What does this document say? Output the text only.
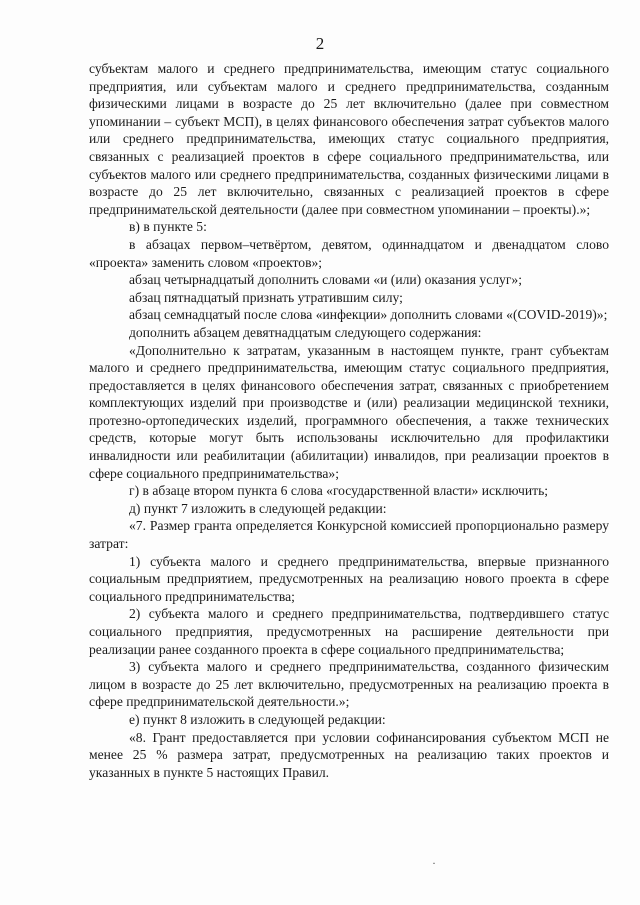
2

субъектам малого и среднего предпринимательства, имеющим статус социального предприятия, или субъектам малого и среднего предпринимательства, созданным физическими лицами в возрасте до 25 лет включительно (далее при совместном упоминании – субъект МСП), в целях финансового обеспечения затрат субъектов малого или среднего предпринимательства, имеющих статус социального предприятия, связанных с реализацией проектов в сфере социального предпринимательства, или субъектов малого или среднего предпринимательства, созданных физическими лицами в возрасте до 25 лет включительно, связанных с реализацией проектов в сфере предпринимательской деятельности (далее при совместном упоминании – проекты).»;

в) в пункте 5:

в абзацах первом–четвёртом, девятом, одиннадцатом и двенадцатом слово «проекта» заменить словом «проектов»;

абзац четырнадцатый дополнить словами «и (или) оказания услуг»;

абзац пятнадцатый признать утратившим силу;

абзац семнадцатый после слова «инфекции» дополнить словами «(COVID-2019)»;

дополнить абзацем девятнадцатым следующего содержания:

«Дополнительно к затратам, указанным в настоящем пункте, грант субъектам малого и среднего предпринимательства, имеющим статус социального предприятия, предоставляется в целях финансового обеспечения затрат, связанных с приобретением комплектующих изделий при производстве и (или) реализации медицинской техники, протезно-ортопедических изделий, программного обеспечения, а также технических средств, которые могут быть использованы исключительно для профилактики инвалидности или реабилитации (абилитации) инвалидов, при реализации проектов в сфере социального предпринимательства»;

г) в абзаце втором пункта 6 слова «государственной власти» исключить;

д) пункт 7 изложить в следующей редакции:

«7. Размер гранта определяется Конкурсной комиссией пропорционально размеру затрат:

1) субъекта малого и среднего предпринимательства, впервые признанного социальным предприятием, предусмотренных на реализацию нового проекта в сфере социального предпринимательства;

2) субъекта малого и среднего предпринимательства, подтвердившего статус социального предприятия, предусмотренных на расширение деятельности при реализации ранее созданного проекта в сфере социального предпринимательства;

3) субъекта малого и среднего предпринимательства, созданного физическим лицом в возрасте до 25 лет включительно, предусмотренных на реализацию проекта в сфере предпринимательской деятельности.»;

е) пункт 8 изложить в следующей редакции:

«8. Грант предоставляется при условии софинансирования субъектом МСП не менее 25 % размера затрат, предусмотренных на реализацию таких проектов и указанных в пункте 5 настоящих Правил.

·
